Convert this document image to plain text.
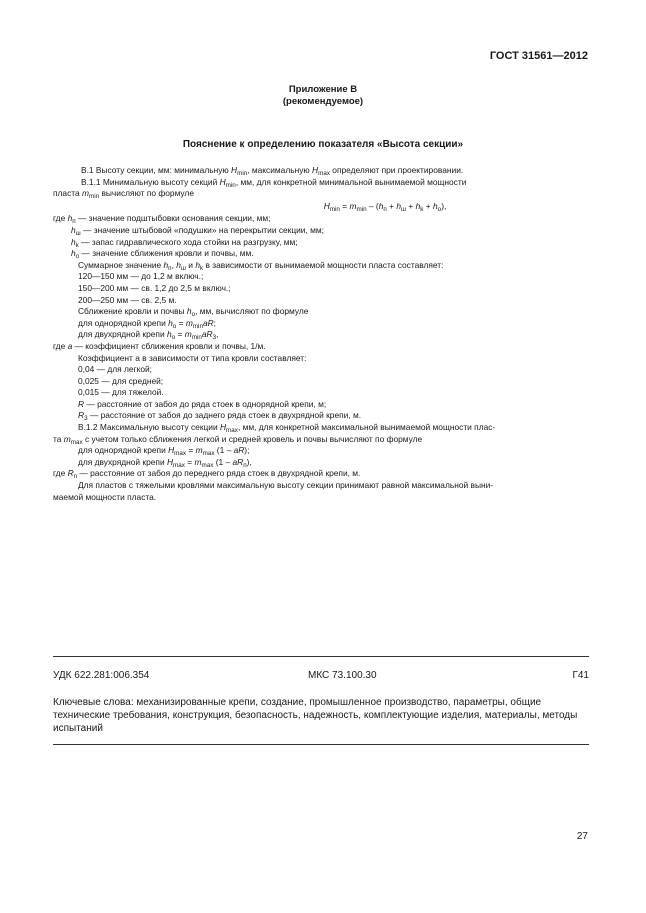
ГОСТ 31561—2012
Приложение В
(рекомендуемое)
Пояснение к определению показателя «Высота секции»

В.1 Высоту секции, мм: минимальную $H_{min}$, максимальную $H_{max}$ определяют при проектировании.

В.1.1 Минимальную высоту секций $H_{min}$, мм, для конкретной минимальной вынимаемой мощности

пласта $m_{min}$ вычисляют по формуле

$H_{min} = m_{min} - (h_п + h_ш + h_k + h_o)$,

где $h_п$ — значение подштыбовки основания секции, мм;

$h_ш$ — значение штыбовой «подушки» на перекрытии секции, мм;

$h_k$ — запас гидравлического хода стойки на разгрузку, мм;

$h_o$ — значение сближения кровли и почвы, мм.

Суммарное значение $h_п$, $h_ш$ и $h_k$ в зависимости от вынимаемой мощности пласта составляет:

120—150 мм — до 1,2 м включ.;

150—200 мм — св. 1,2 до 2,5 м включ.;

200—250 мм — св. 2,5 м.

Сближение кровли и почвы $h_o$, мм, вычисляют по формуле

для однорядной крепи $h_o = m_{min}aR$;

для двухрядной крепи $h_o = m_{min}aR_3$,

где a — коэффициент сближения кровли и почвы, 1/м.

Коэффициент а в зависимости от типа кровли составляет:

0,04 — для легкой;

0,025 — для средней;

0,015 — для тяжелой.

R — расстояние от забоя до ряда стоек в однорядной крепи, м;

$R_3$ — расстояние от забоя до заднего ряда стоек в двухрядной крепи, м.

В.1.2 Максимальную высоту секции $H_{max}$, мм, для конкретной максимальной вынимаемой мощности плас-

та $m_{max}$ с учетом только сближения легкой и средней кровель и почвы вычисляют по формуле

для однорядной крепи $H_{max} = m_{max}$ (1 – aR);

для двухрядной крепи $H_{max} = m_{max}$ $(1 - aR_п)$,

где $R_п$ — расстояние от забоя до переднего ряда стоек в двухрядной крепи, м.

Для пластов с тяжелыми кровлями максимальную высоту секции принимают равной максимальной выни-

маемой мощности пласта.

УДК 622.281:006.354	МКС 73.100.30	Г41
Ключевые слова: механизированные крепи, создание, промышленное производство, параметры, общие технические требования, конструкция, безопасность, надежность, комплектующие изделия, материалы, методы испытаний
27
